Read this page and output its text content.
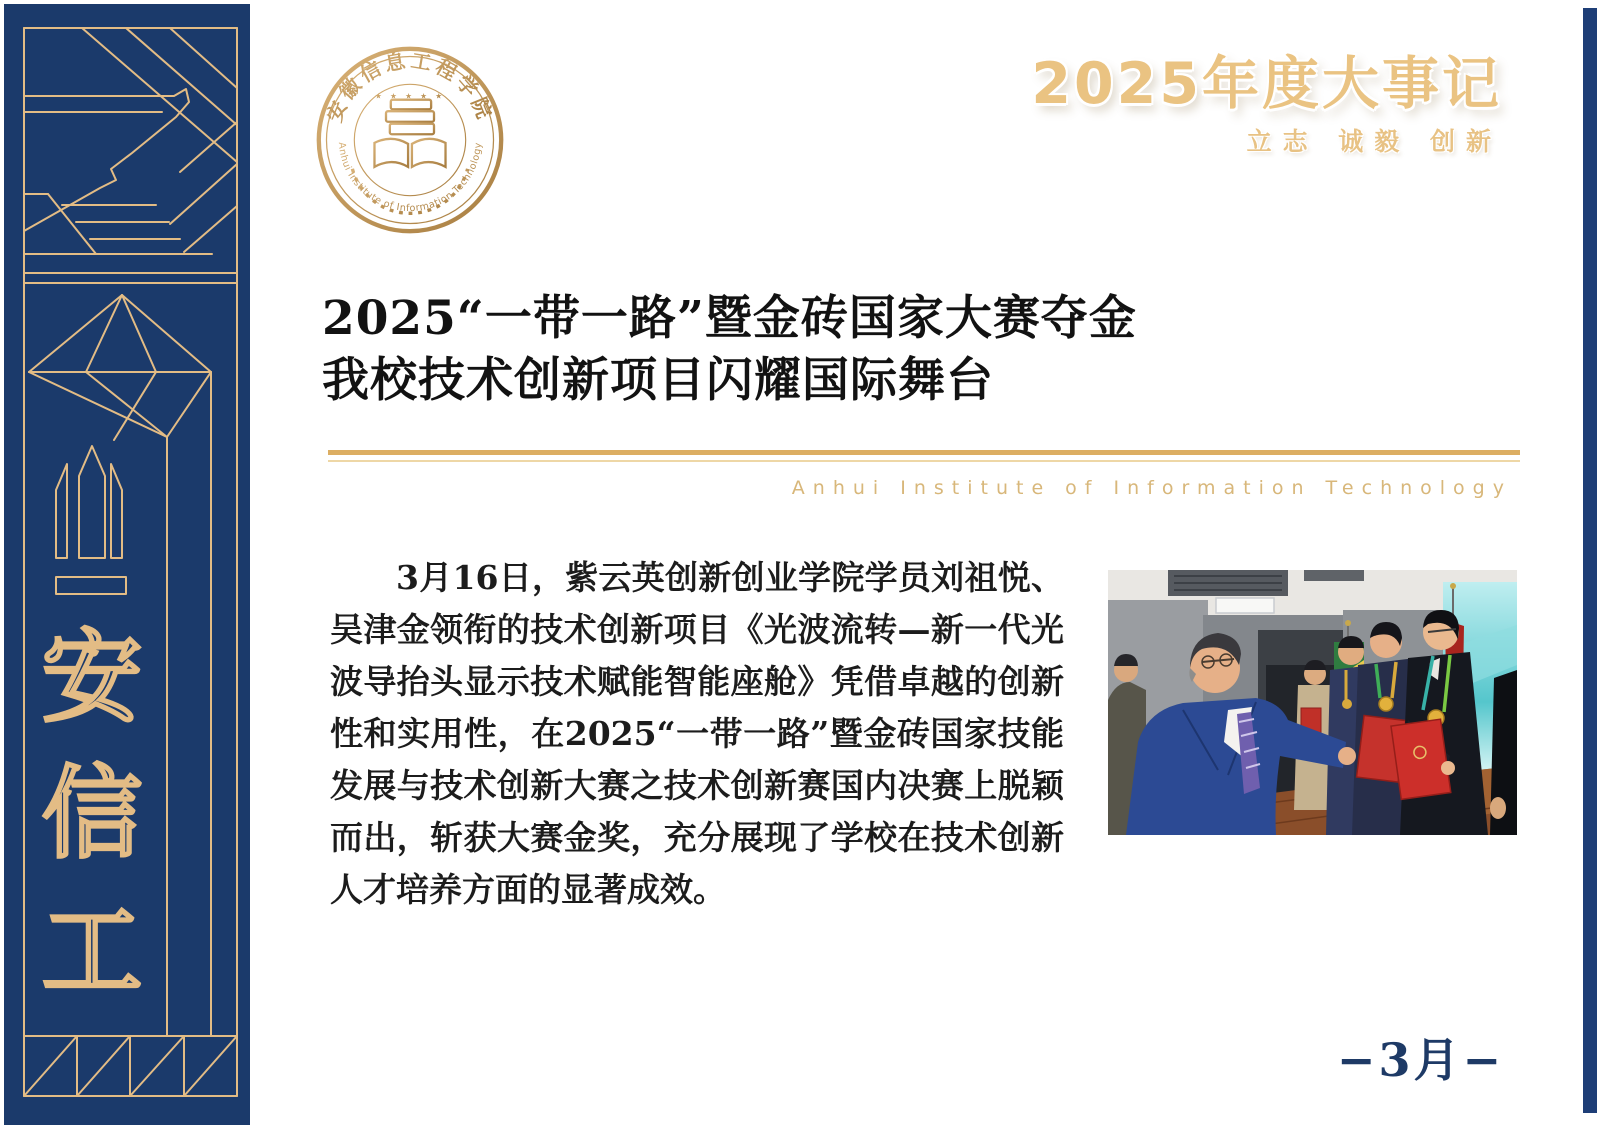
安
信
工
安徽信息工程学院
★ ★ ★ ★ ★
Anhui Institute of Information Technology
2025年度大事记
立志 诚毅 创新
2025“一带一路”暨金砖国家大赛夺金
我校技术创新项目闪耀国际舞台
Anhui Institute of Information Technology
3月16日，紫云英创新创业学院学员刘祖悦、吴津金领衔的技术创新项目《光波流转—新一代光波导抬头显示技术赋能智能座舱》凭借卓越的创新性和实用性，在2025“一带一路”暨金砖国家技能发展与技术创新大赛之技术创新赛国内决赛上脱颖而出，斩获大赛金奖，充分展现了学校在技术创新人才培养方面的显著成效。
−3月−
